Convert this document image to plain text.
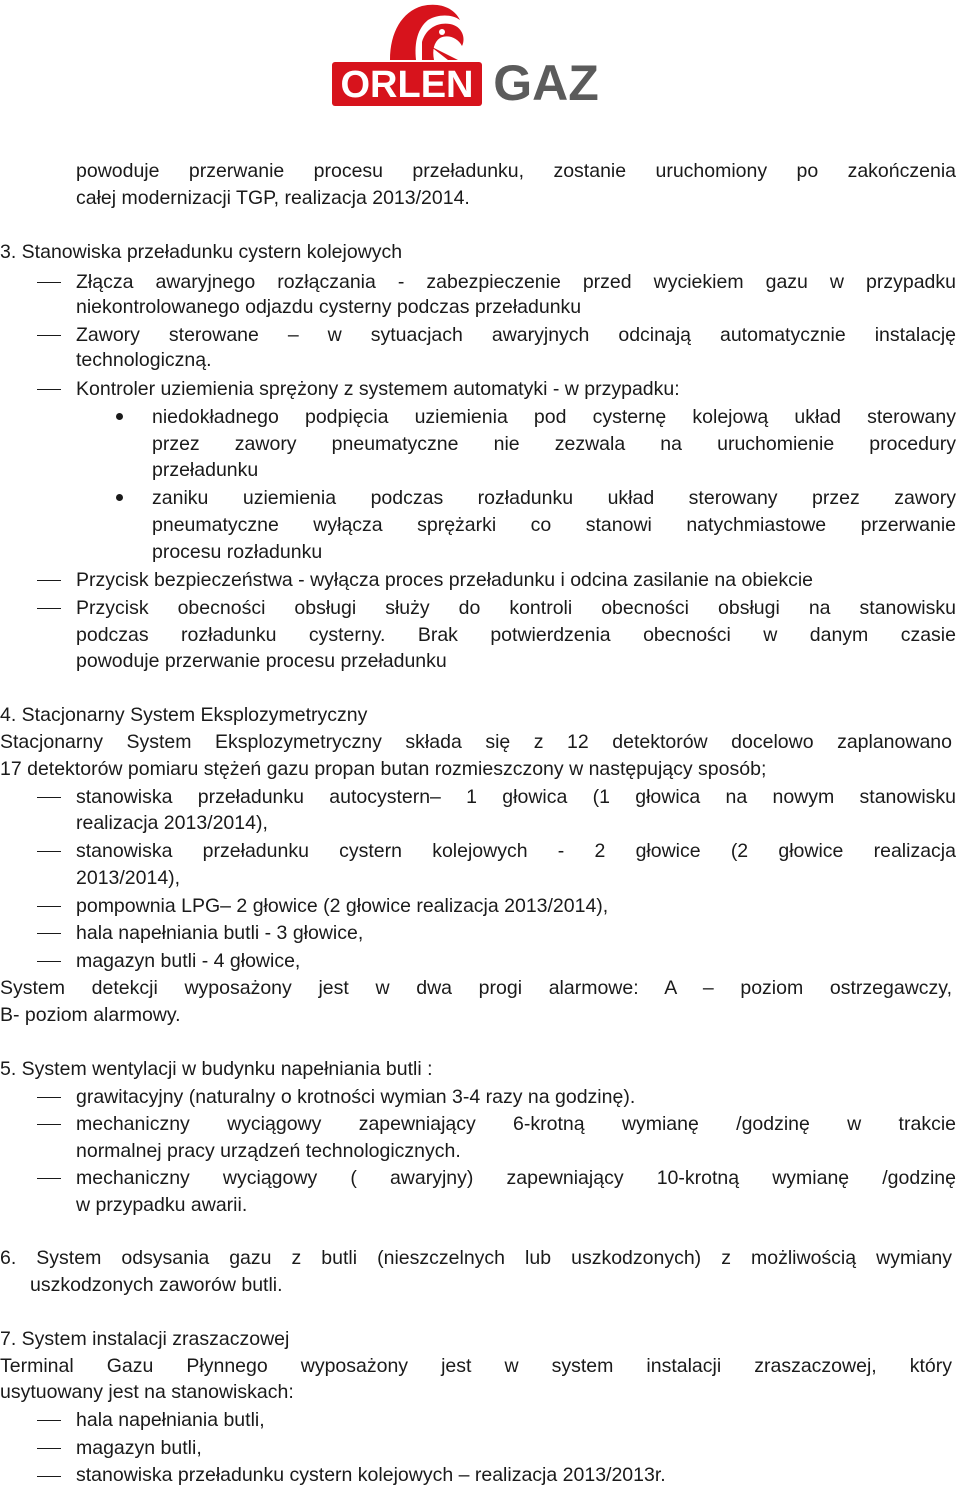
ORLEN GAZ
powoduje przerwanie procesu przeładunku, zostanie uruchomiony po zakończenia
całej modernizacji TGP, realizacja 2013/2014.
3. Stanowiska przeładunku cystern kolejowych
Złącza awaryjnego rozłączania - zabezpieczenie przed wyciekiem gazu w przypadku
niekontrolowanego odjazdu cysterny podczas przeładunku
Zawory sterowane – w sytuacjach awaryjnych odcinają automatycznie instalację
technologiczną.
Kontroler uziemienia sprężony z systemem automatyki - w przypadku:
niedokładnego podpięcia uziemienia pod cysternę kolejową układ sterowany
przez zawory pneumatyczne nie zezwala na uruchomienie procedury
przeładunku
zaniku uziemienia podczas rozładunku układ sterowany przez zawory
pneumatyczne wyłącza sprężarki co stanowi natychmiastowe przerwanie
procesu rozładunku
Przycisk bezpieczeństwa - wyłącza proces przeładunku i odcina zasilanie na obiekcie
Przycisk obecności obsługi służy do kontroli obecności obsługi na stanowisku
podczas rozładunku cysterny. Brak potwierdzenia obecności w danym czasie
powoduje przerwanie procesu przeładunku
4. Stacjonarny System Eksplozymetryczny
Stacjonarny System Eksplozymetryczny składa się z 12 detektorów docelowo zaplanowano
17 detektorów pomiaru stężeń gazu propan butan rozmieszczony w następujący sposób;
stanowiska przeładunku autocystern– 1 głowica (1 głowica na nowym stanowisku
realizacja 2013/2014),
stanowiska przeładunku cystern kolejowych - 2 głowice (2 głowice realizacja
2013/2014),
pompownia LPG– 2 głowice (2 głowice realizacja 2013/2014),
hala napełniania butli - 3 głowice,
magazyn butli - 4 głowice,
System detekcji wyposażony jest w dwa progi alarmowe: A – poziom ostrzegawczy,
B- poziom alarmowy.
5. System wentylacji w budynku napełniania butli :
grawitacyjny (naturalny o krotności wymian 3-4 razy na godzinę).
mechaniczny wyciągowy zapewniający 6-krotną wymianę /godzinę w trakcie
normalnej pracy urządzeń technologicznych.
mechaniczny wyciągowy ( awaryjny) zapewniający 10-krotną wymianę /godzinę
w przypadku awarii.
6. System odsysania gazu z butli (nieszczelnych lub uszkodzonych) z możliwością wymiany
uszkodzonych zaworów butli.
7. System instalacji zraszaczowej
Terminal Gazu Płynnego wyposażony jest w system instalacji zraszaczowej, który
usytuowany jest na stanowiskach:
hala napełniania butli,
magazyn butli,
stanowiska przeładunku cystern kolejowych – realizacja 2013/2013r.
